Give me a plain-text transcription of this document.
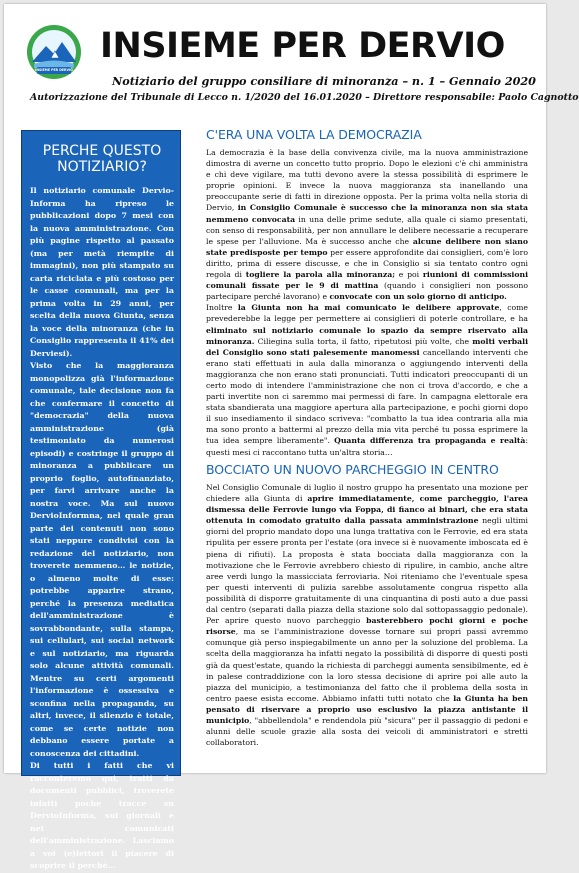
INSIEME PER DERVIO
INSIEME PER DERVIO
Notiziario del gruppo consiliare di minoranza – n. 1 – Gennaio 2020
Autorizzazione del Tribunale di Lecco n. 1/2020 del 16.01.2020 – Direttore responsabile: Paolo Cagnotto
PERCHE QUESTO
NOTIZIARIO?
Il notiziario comunale Dervio-Informa ha ripreso le pubblicazioni dopo 7 mesi con la nuova amministrazione. Con più pagine rispetto al passato (ma per metà riempite di immagini), non più stampato su carta riciclata e più costoso per le casse comunali, ma per la prima volta in 29 anni, per scelta della nuova Giunta, senza la voce della minoranza (che in Consiglio rappresenta il 41% dei Derviesi).
Visto che la maggioranza monopolizza già l'informazione comunale, tale decisione non fa che confermare il concetto di "democrazia" della nuova amministrazione (già testimoniato da numerosi episodi) e costringe il gruppo di minoranza a pubblicare un proprio foglio, autofinanziato, per farvi arrivare anche la nostra voce. Ma sul nuovo DervioInformna, nel quale gran parte dei contenuti non sono stati neppure condivisi con la redazione del notiziario, non troverete nemmeno… le notizie, o almeno molte di esse: potrebbe apparire strano, perché la presenza mediatica dell'amministrazione è sovrabbondante, sulla stampa, sui cellulari, sui social network e sul notiziario, ma riguarda solo alcune attività comunali. Mentre su certi argomenti l'informazione è ossessiva e sconfina nella propaganda, su altri, invece, il silenzio è totale, come se certe notizie non debbano essere portate a conoscenza dei cittadini.
Di tutti i fatti che vi racconteremo qui, tratti da documenti pubblici, troverete infatti poche tracce su DervioInforma, sui giornali e nei comunicati dell'amministrazione. Lasciamo a voi (e)lettori il piacere di scoprire il perché…
C'ERA UNA VOLTA LA DEMOCRAZIA

La democrazia è la base della convivenza civile, ma la nuova amministrazione dimostra di averne un concetto tutto proprio. Dopo le elezioni c'è chi amministra e chi deve vigilare, ma tutti devono avere la stessa possibilità di esprimere le proprie opinioni. E invece la nuova maggioranza sta inanellando una preoccupante serie di fatti in direzione opposta. Per la prima volta nella storia di Dervio, in Consiglio Comunale è successo che la minoranza non sia stata nemmeno convocata in una delle prime sedute, alla quale ci siamo presentati, con senso di responsabilità, per non annullare le delibere necessarie a recuperare le spese per l'alluvione. Ma è successo anche che alcune delibere non siano state predisposte per tempo per essere approfondite dai consiglieri, com'è loro diritto, prima di essere discusse, e che in Consiglio si sia tentato contro ogni regola di togliere la parola alla minoranza; e poi riunioni di commissioni comunali fissate per le 9 di mattina (quando i consiglieri non possono partecipare perché lavorano) e convocate con un solo giorno di anticipo.

Inoltre la Giunta non ha mai comunicato le delibere approvate, come prevederebbe la legge per permettere ai consiglieri di poterle controllare, e ha eliminato sul notiziario comunale lo spazio da sempre riservato alla minoranza. Ciliegina sulla torta, il fatto, ripetutosi più volte, che molti verbali del Consiglio sono stati palesemente manomessi cancellando interventi che erano stati effettuati in aula dalla minoranza o aggiungendo interventi della maggioranza che non erano stati pronunciati. Tutti indicatori preoccupanti di un certo modo di intendere l'amministrazione che non ci trova d'accordo, e che a parti invertite non ci saremmo mai permessi di fare. In campagna elettorale era stata sbandierata una maggiore apertura alla partecipazione, e pochi giorni dopo il suo insediamento il sindaco scriveva: "combatto la tua idea contraria alla mia ma sono pronto a battermi al prezzo della mia vita perché tu possa esprimere la tua idea sempre liberamente". Quanta differenza tra propaganda e realtà: questi mesi ci raccontano tutta un'altra storia…

BOCCIATO UN NUOVO PARCHEGGIO IN CENTRO

Nel Consiglio Comunale di luglio il nostro gruppo ha presentato una mozione per chiedere alla Giunta di aprire immediatamente, come parcheggio, l'area dismessa delle Ferrovie lungo via Foppa, di fianco ai binari, che era stata ottenuta in comodato gratuito dalla passata amministrazione negli ultimi giorni del proprio mandato dopo una lunga trattativa con le Ferrovie, ed era stata ripulita per essere pronta per l'estate (ora invece si è nuovamente imboscata ed è piena di rifiuti). La proposta è stata bocciata dalla maggioranza con la motivazione che le Ferrovie avrebbero chiesto di ripulire, in cambio, anche altre aree verdi lungo la massicciata ferroviaria. Noi riteniamo che l'eventuale spesa per questi interventi di pulizia sarebbe assolutamente congrua rispetto alla possibilità di disporre gratuitamente di una cinquantina di posti auto a due passi dal centro (separati dalla piazza della stazione solo dal sottopassaggio pedonale). Per aprire questo nuovo parcheggio basterebbero pochi giorni e poche risorse, ma se l'amministrazione dovesse tornare sui propri passi avremmo comunque già perso inspiegabilmente un anno per la soluzione del problema. La scelta della maggioranza ha infatti negato la possibilità di disporre di questi posti già da quest'estate, quando la richiesta di parcheggi aumenta sensibilmente, ed è in palese contraddizione con la loro stessa decisione di aprire poi alle auto la piazza del municipio, a testimonianza del fatto che il problema della sosta in centro paese esista eccome. Abbiamo infatti tutti notato che la Giunta ha ben pensato di riservare a proprio uso esclusivo la piazza antistante il municipio, "abbellendola" e rendendola più "sicura" per il passaggio di pedoni e alunni delle scuole grazie alla sosta dei veicoli di amministratori e stretti collaboratori.
